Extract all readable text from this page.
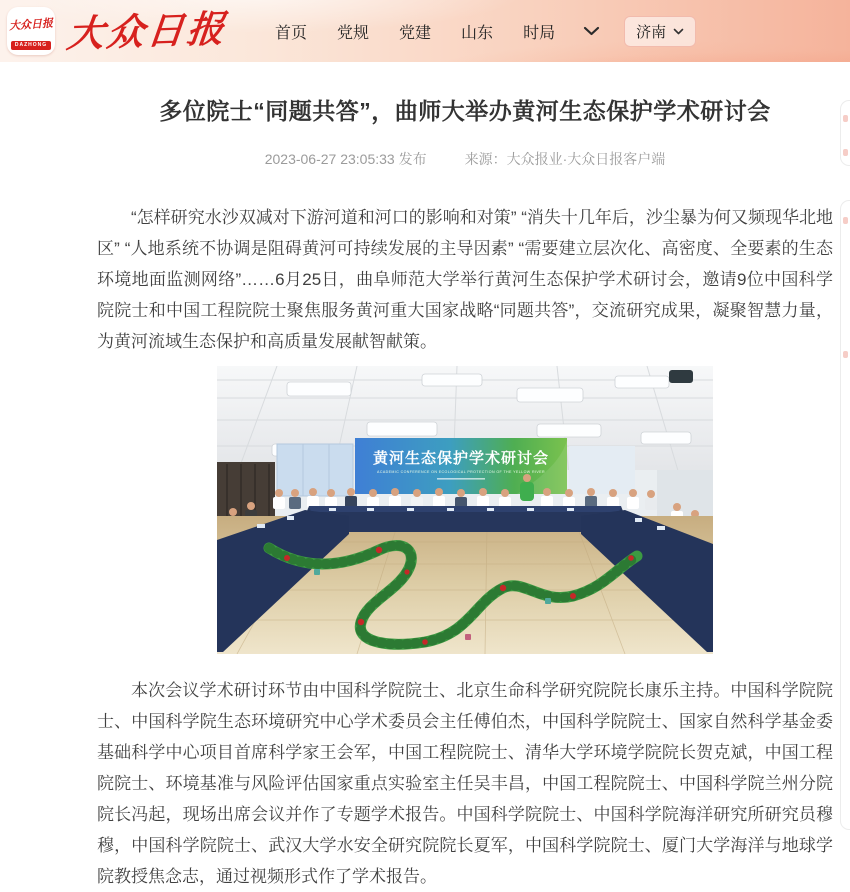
大众日报
DAZHONG 大众日报	首页 党规 党建 山东 时局	济南
多位院士“同题共答”，曲师大举办黄河生态保护学术研讨会
2023-06-27 23:05:33 发布	来源：大众报业·大众日报客户端

“怎样研究水沙双减对下游河道和河口的影响和对策” “消失十几年后，沙尘暴为何又频现华北地区” “人地系统不协调是阻碍黄河可持续发展的主导因素” “需要建立层次化、高密度、全要素的生态环境地面监测网络”……6月25日，曲阜师范大学举行黄河生态保护学术研讨会，邀请9位中国科学院院士和中国工程院院士聚焦服务黄河重大国家战略“同题共答”，交流研究成果，凝聚智慧力量，为黄河流域生态保护和高质量发展献智献策。

黄河生态保护学术研讨会
ACADEMIC CONFERENCE ON ECOLOGICAL PROTECTION OF THE YELLOW RIVER

本次会议学术研讨环节由中国科学院院士、北京生命科学研究院院长康乐主持。中国科学院院士、中国科学院生态环境研究中心学术委员会主任傅伯杰，中国科学院院士、国家自然科学基金委基础科学中心项目首席科学家王会军，中国工程院院士、清华大学环境学院院长贺克斌，中国工程院院士、环境基准与风险评估国家重点实验室主任吴丰昌，中国工程院院士、中国科学院兰州分院院长冯起，现场出席会议并作了专题学术报告。中国科学院院士、中国科学院海洋研究所研究员穆穆，中国科学院院士、武汉大学水安全研究院院长夏军，中国科学院院士、厦门大学海洋与地球学院教授焦念志，通过视频形式作了学术报告。
